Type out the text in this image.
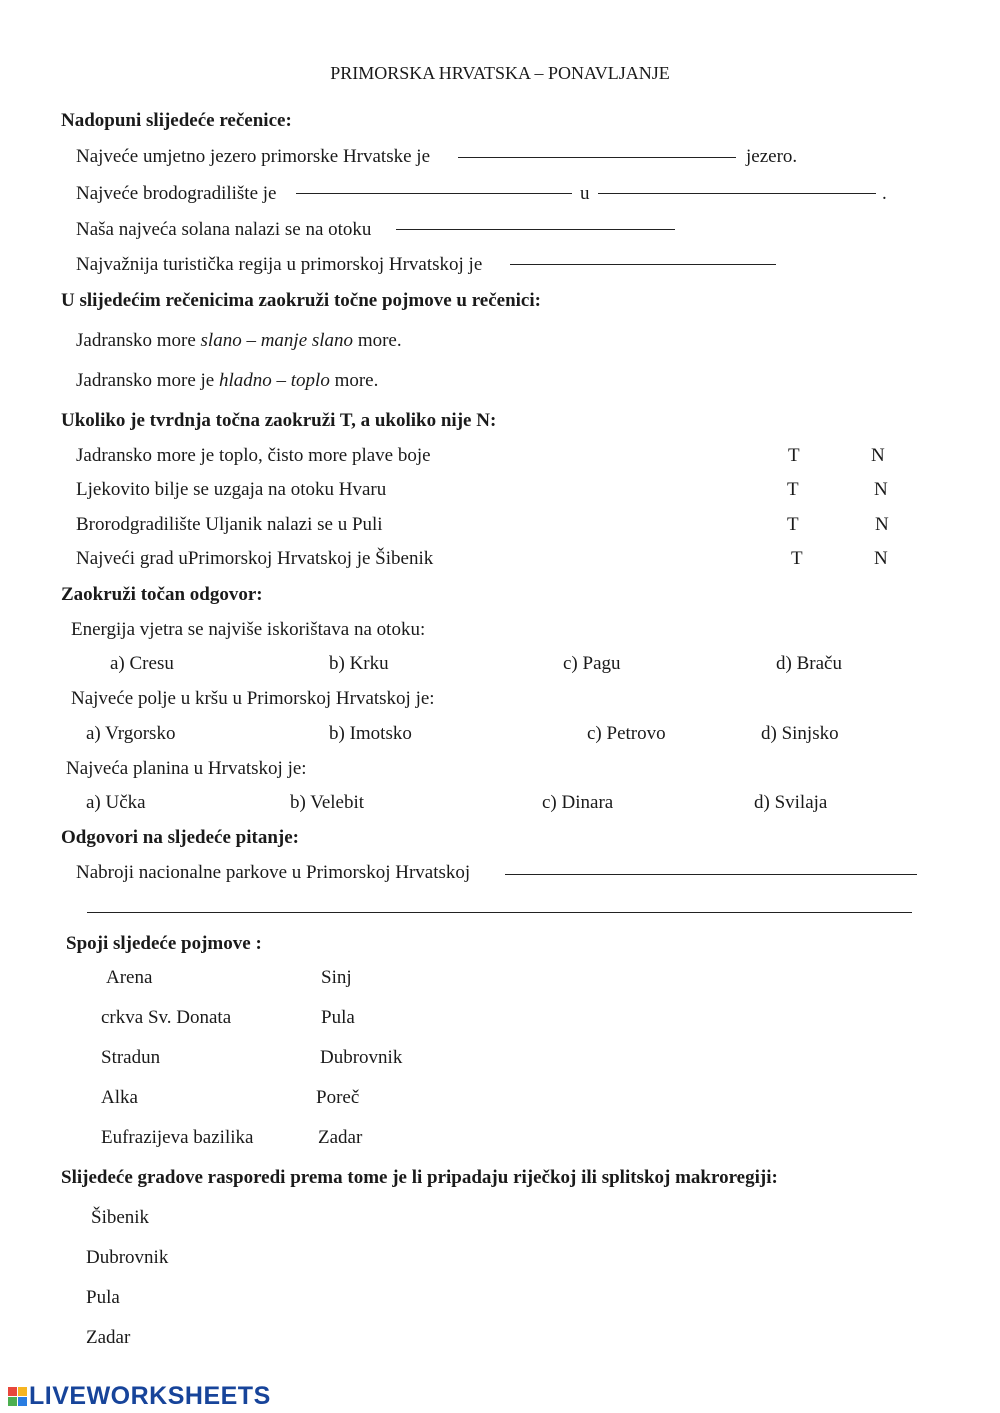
PRIMORSKA HRVATSKA – PONAVLJANJE
Nadopuni slijedeće rečenice:
Najveće umjetno jezero primorske Hrvatske je	jezero.
Najveće brodogradilište je	u	.
Naša najveća solana nalazi se na otoku
Najvažnija turistička regija u primorskoj Hrvatskoj je
U slijedećim rečenicima zaokruži točne pojmove u rečenici:
Jadransko more slano – manje slano more.
Jadransko more je hladno – toplo more.
Ukoliko je tvrdnja točna zaokruži T, a ukoliko nije N:
Jadransko more je toplo, čisto more plave boje	T	N
Ljekovito bilje se uzgaja na otoku Hvaru	T	N
Brorodgradilište Uljanik nalazi se u Puli	T	N
Najveći grad uPrimorskoj Hrvatskoj je Šibenik	T	N
Zaokruži točan odgovor:
Energija vjetra se najviše iskorištava na otoku:
a) Cresu	b) Krku	c) Pagu	d) Braču
Najveće polje u kršu u Primorskoj Hrvatskoj je:
a) Vrgorsko	b) Imotsko	c) Petrovo	d) Sinjsko
Najveća planina u Hrvatskoj je:
a) Učka	b) Velebit	c) Dinara	d) Svilaja
Odgovori na sljedeće pitanje:
Nabroji nacionalne parkove u Primorskoj Hrvatskoj
Spoji sljedeće pojmove :
Arena	Sinj
crkva Sv. Donata	Pula
Stradun	Dubrovnik
Alka	Poreč
Eufrazijeva bazilika	Zadar
Slijedeće gradove rasporedi prema tome je li pripadaju riječkoj ili splitskoj makroregiji:
Šibenik
Dubrovnik
Pula
Zadar
LIVEWORKSHEETS
